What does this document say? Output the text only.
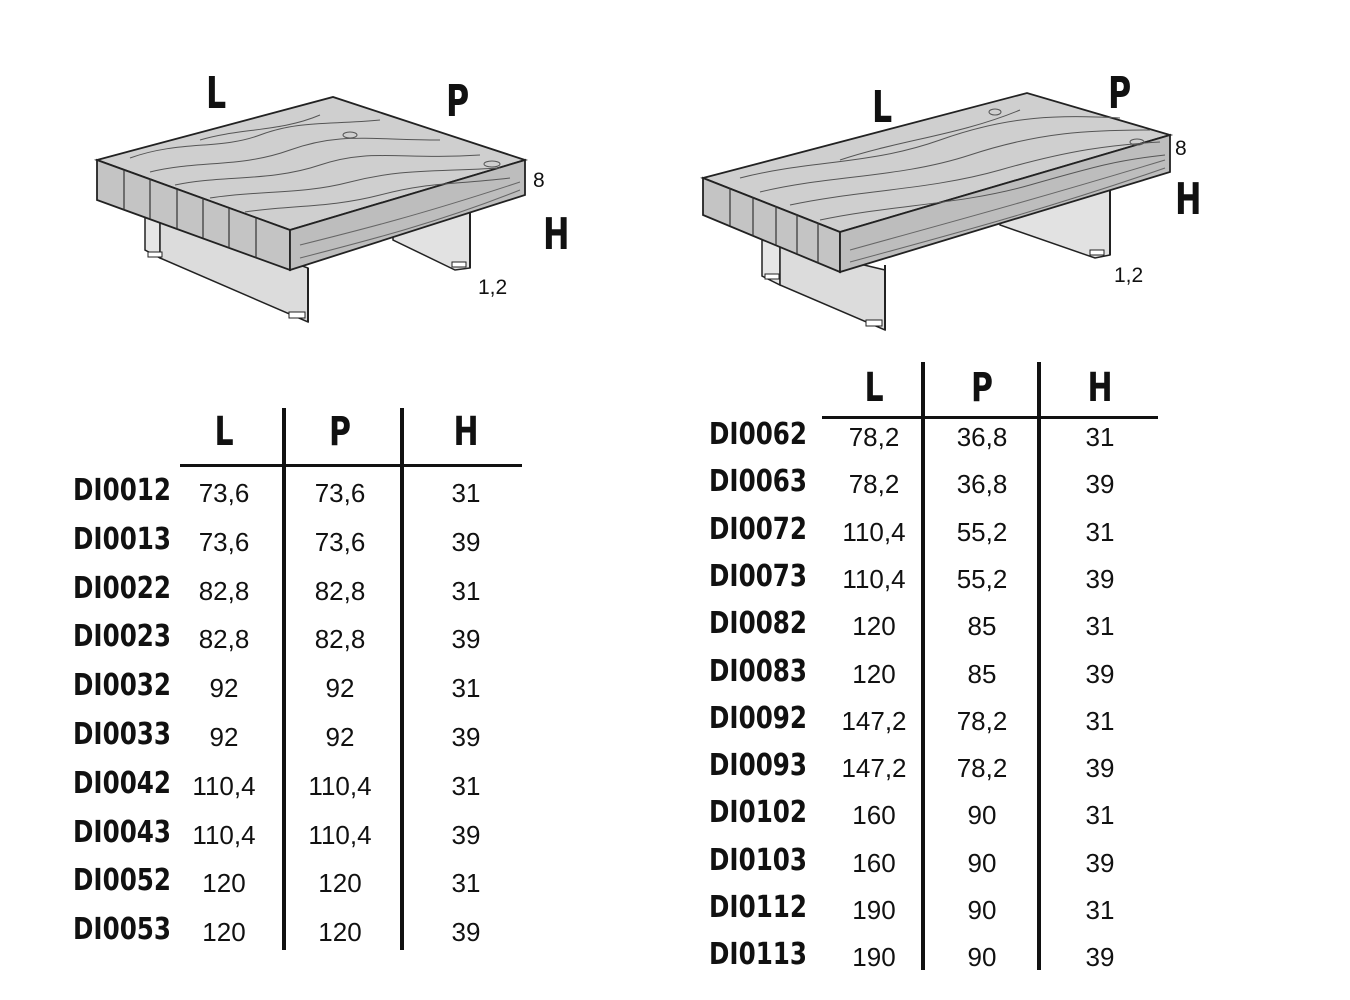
L	P
H
8
1,2
L	P
H
8
1,2
L	P	H
DI0012	73,6	73,6	31
DI0013	73,6	73,6	39
DI0022	82,8	82,8	31
DI0023	82,8	82,8	39
DI0032	92	92	31
DI0033	92	92	39
DI0042 110,4	110,4	31
DI0043 110,4	110,4	39
DI0052	120	120	31
DI0053	120	120	39
L	P	H
DI0062	78,2	36,8	31
DI0063	78,2	36,8	39
DI0072	110,4	55,2	31
DI0073	110,4	55,2	39
DI0082	120	85	31
DI0083	120	85	39
DI0092	147,2	78,2	31
DI0093	147,2	78,2	39
DI0102	160	90	31
DI0103	160	90	39
DI0112	190	90	31
DI0113	190	90	39
